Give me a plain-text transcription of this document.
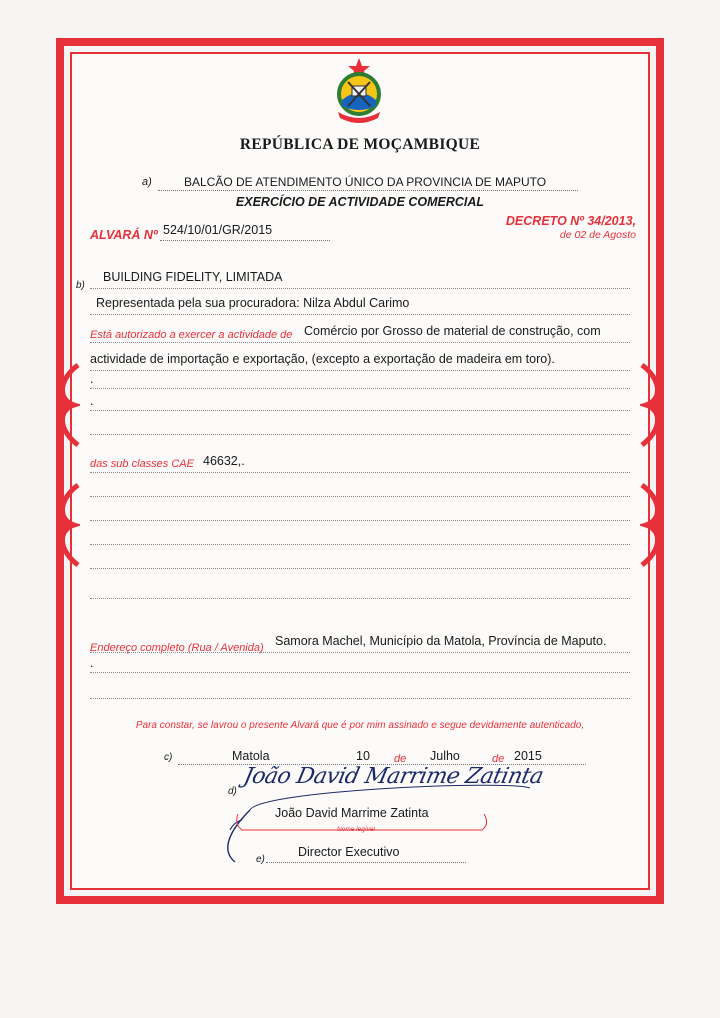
REPÚBLICA DE MOÇAMBIQUE
a)	BALCÃO DE ATENDIMENTO ÚNICO DA PROVINCIA DE MAPUTO
EXERCÍCIO DE ACTIVIDADE COMERCIAL
ALVARÁ Nº 524/10/01/GR/2015
DECRETO Nº 34/2013,
de 02 de Agosto
b)
BUILDING FIDELITY, LIMITADA
Representada pela sua procuradora: Nilza Abdul Carimo
Está autorizado a exercer a actividade de Comércio por Grosso de material de construção, com
actividade de importação e exportação, (excepto a exportação de madeira em toro).
.
.
das sub classes CAE 46632,.
Endereço completo (Rua / Avenida) Samora Machel, Município da Matola, Província de Maputo.
.
Para constar, se lavrou o presente Alvará que é por mim assinado e segue devidamente autenticado,
c)	Matola	10 de Julho	de 2015
d)
João David Marrime Zatinta
João David Marrime Zatinta
Nome legível
e)
Director Executivo
